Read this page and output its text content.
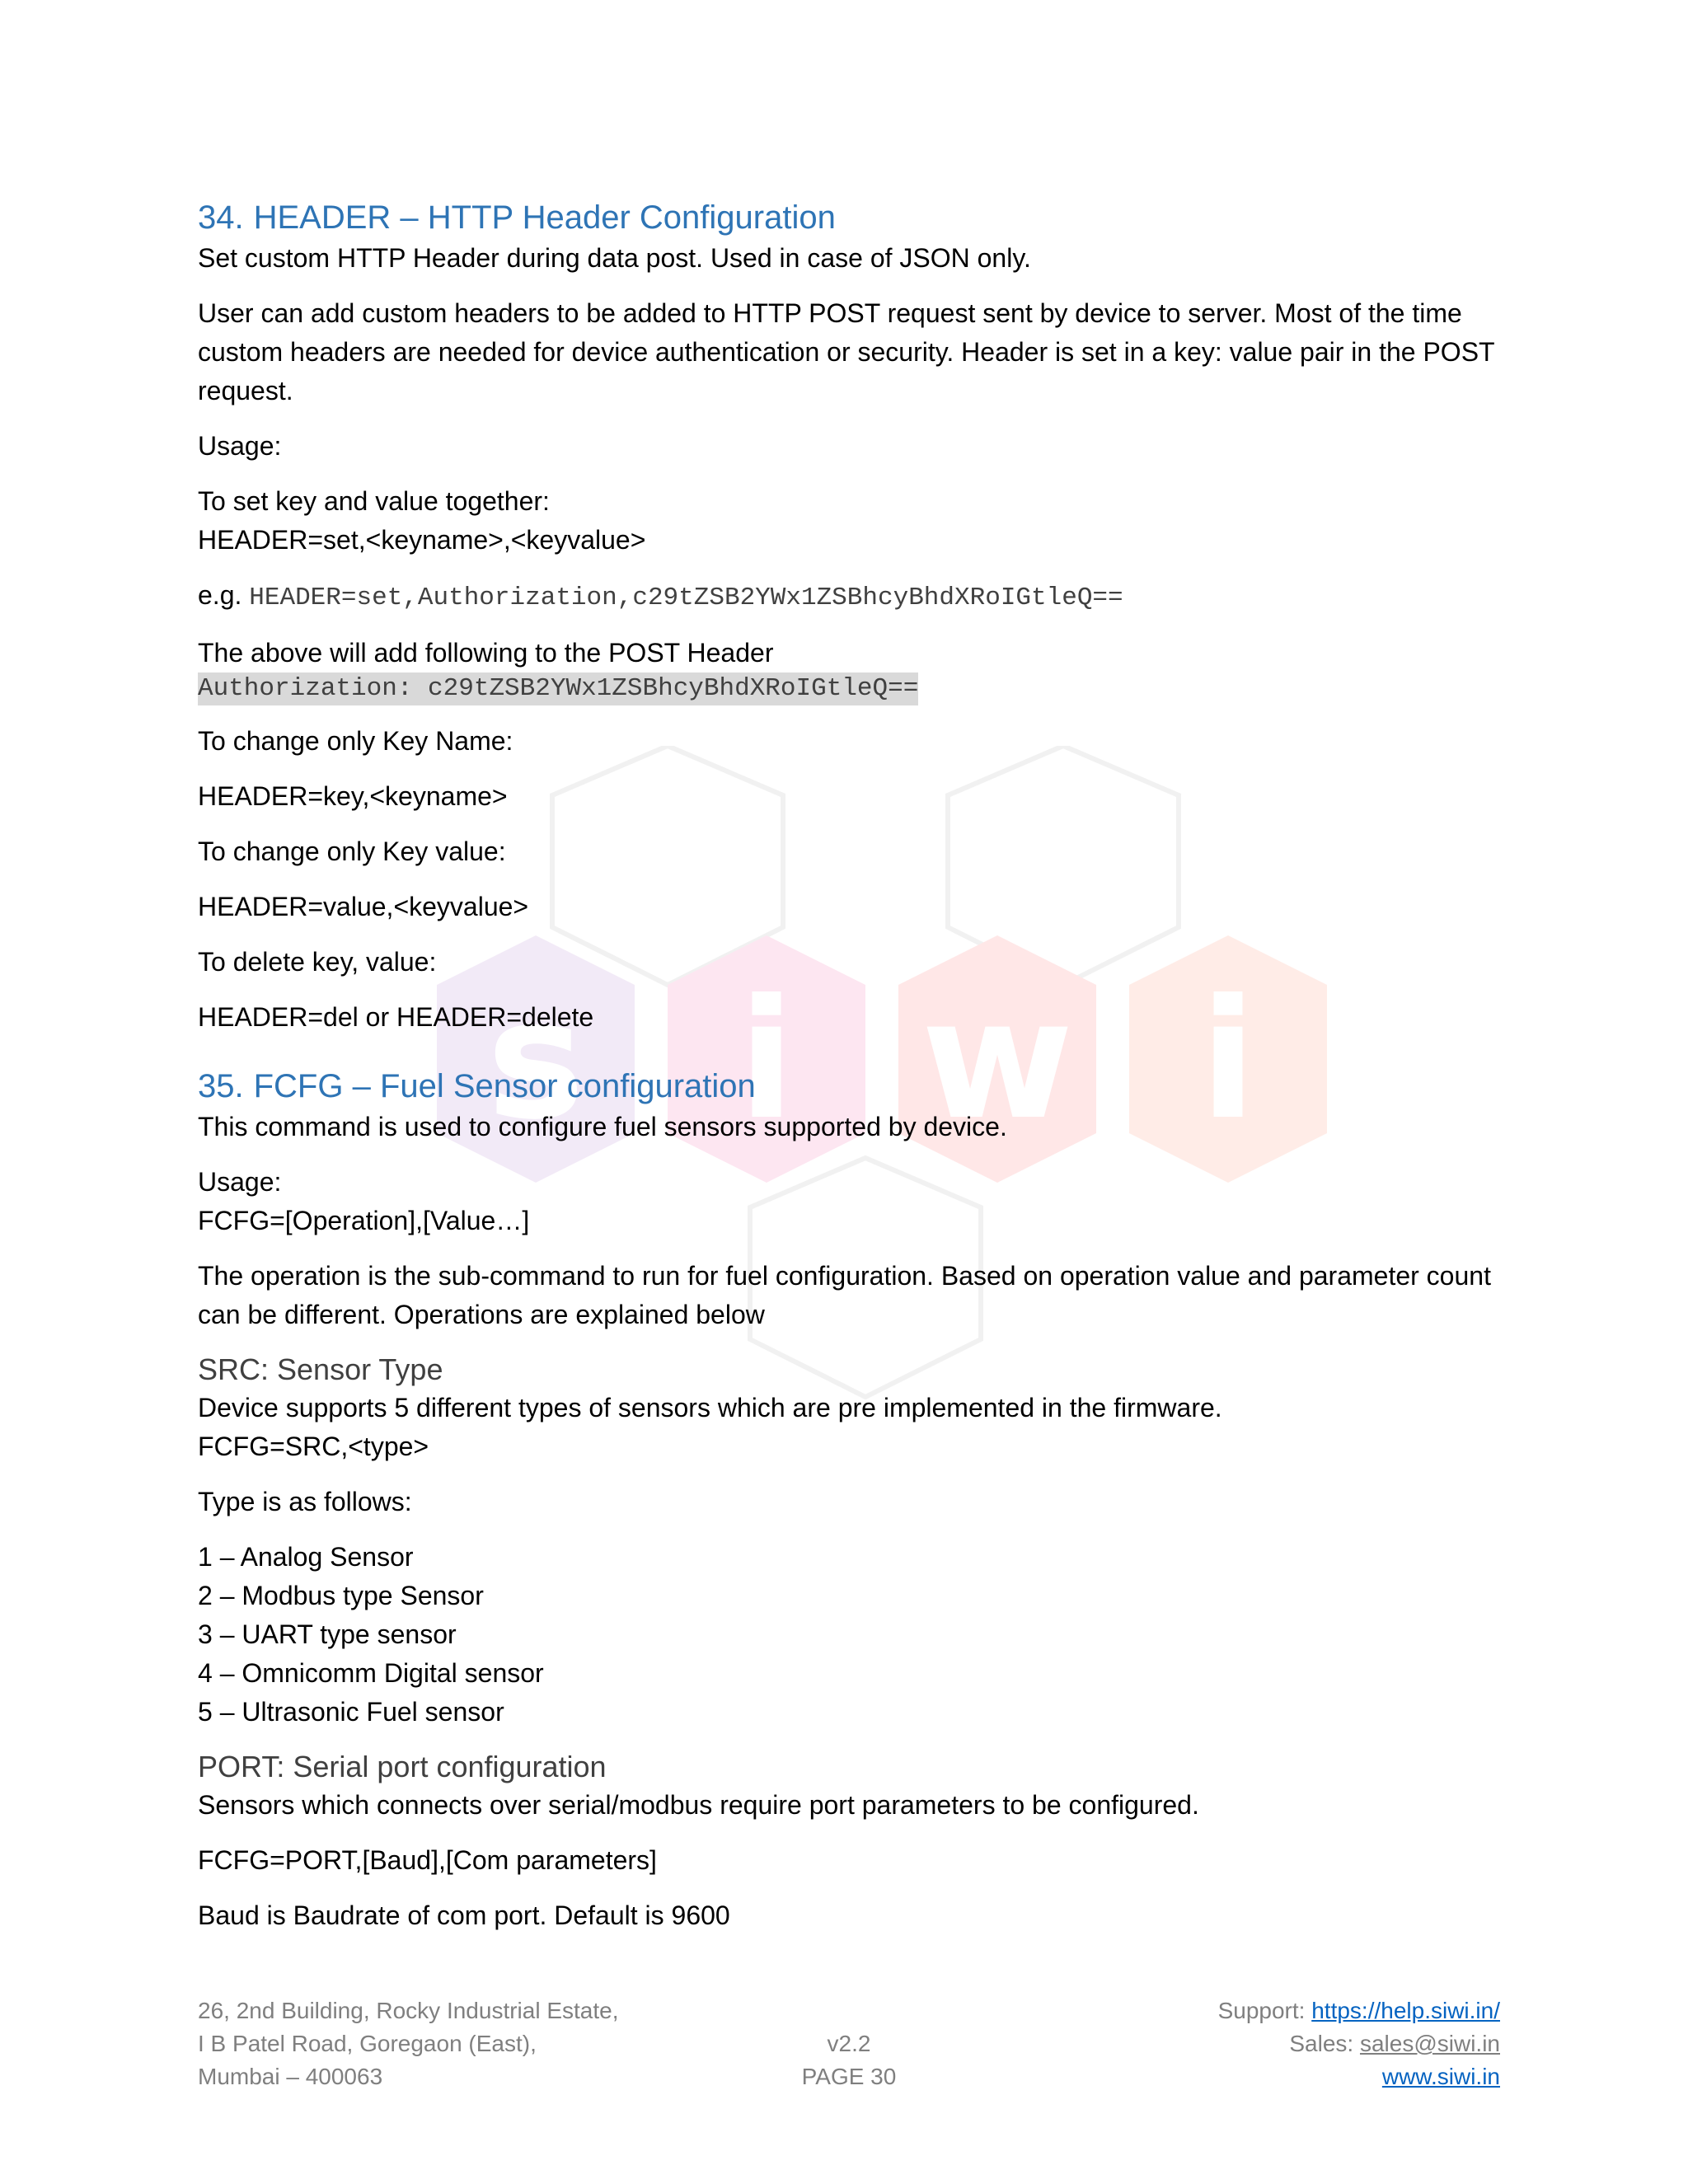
s i w i
34. HEADER – HTTP Header Configuration

Set custom HTTP Header during data post. Used in case of JSON only.

User can add custom headers to be added to HTTP POST request sent by device to server. Most of the time custom headers are needed for device authentication or security. Header is set in a key: value pair in the POST request.

Usage:

To set key and value together:

HEADER=set,<keyname>,<keyvalue>

e.g. HEADER=set,Authorization,c29tZSB2YWx1ZSBhcyBhdXRoIGtleQ==

The above will add following to the POST Header

Authorization: c29tZSB2YWx1ZSBhcyBhdXRoIGtleQ==

To change only Key Name:

HEADER=key,<keyname>

To change only Key value:

HEADER=value,<keyvalue>

To delete key, value:

HEADER=del or HEADER=delete

35. FCFG – Fuel Sensor configuration

This command is used to configure fuel sensors supported by device.

Usage:

FCFG=[Operation],[Value…]

The operation is the sub-command to run for fuel configuration. Based on operation value and parameter count can be different. Operations are explained below

SRC: Sensor Type

Device supports 5 different types of sensors which are pre implemented in the firmware.

FCFG=SRC,<type>

Type is as follows:

1 – Analog Sensor

2 – Modbus type Sensor

3 – UART type sensor

4 – Omnicomm Digital sensor

5 – Ultrasonic Fuel sensor

PORT: Serial port configuration

Sensors which connects over serial/modbus require port parameters to be configured.

FCFG=PORT,[Baud],[Com parameters]

Baud is Baudrate of com port. Default is 9600

26, 2nd Building, Rocky Industrial Estate,
I B Patel Road, Goregaon (East),
Mumbai – 400063

v2.2
PAGE 30
Support: https://help.siwi.in/
Sales: sales@siwi.in
www.siwi.in
